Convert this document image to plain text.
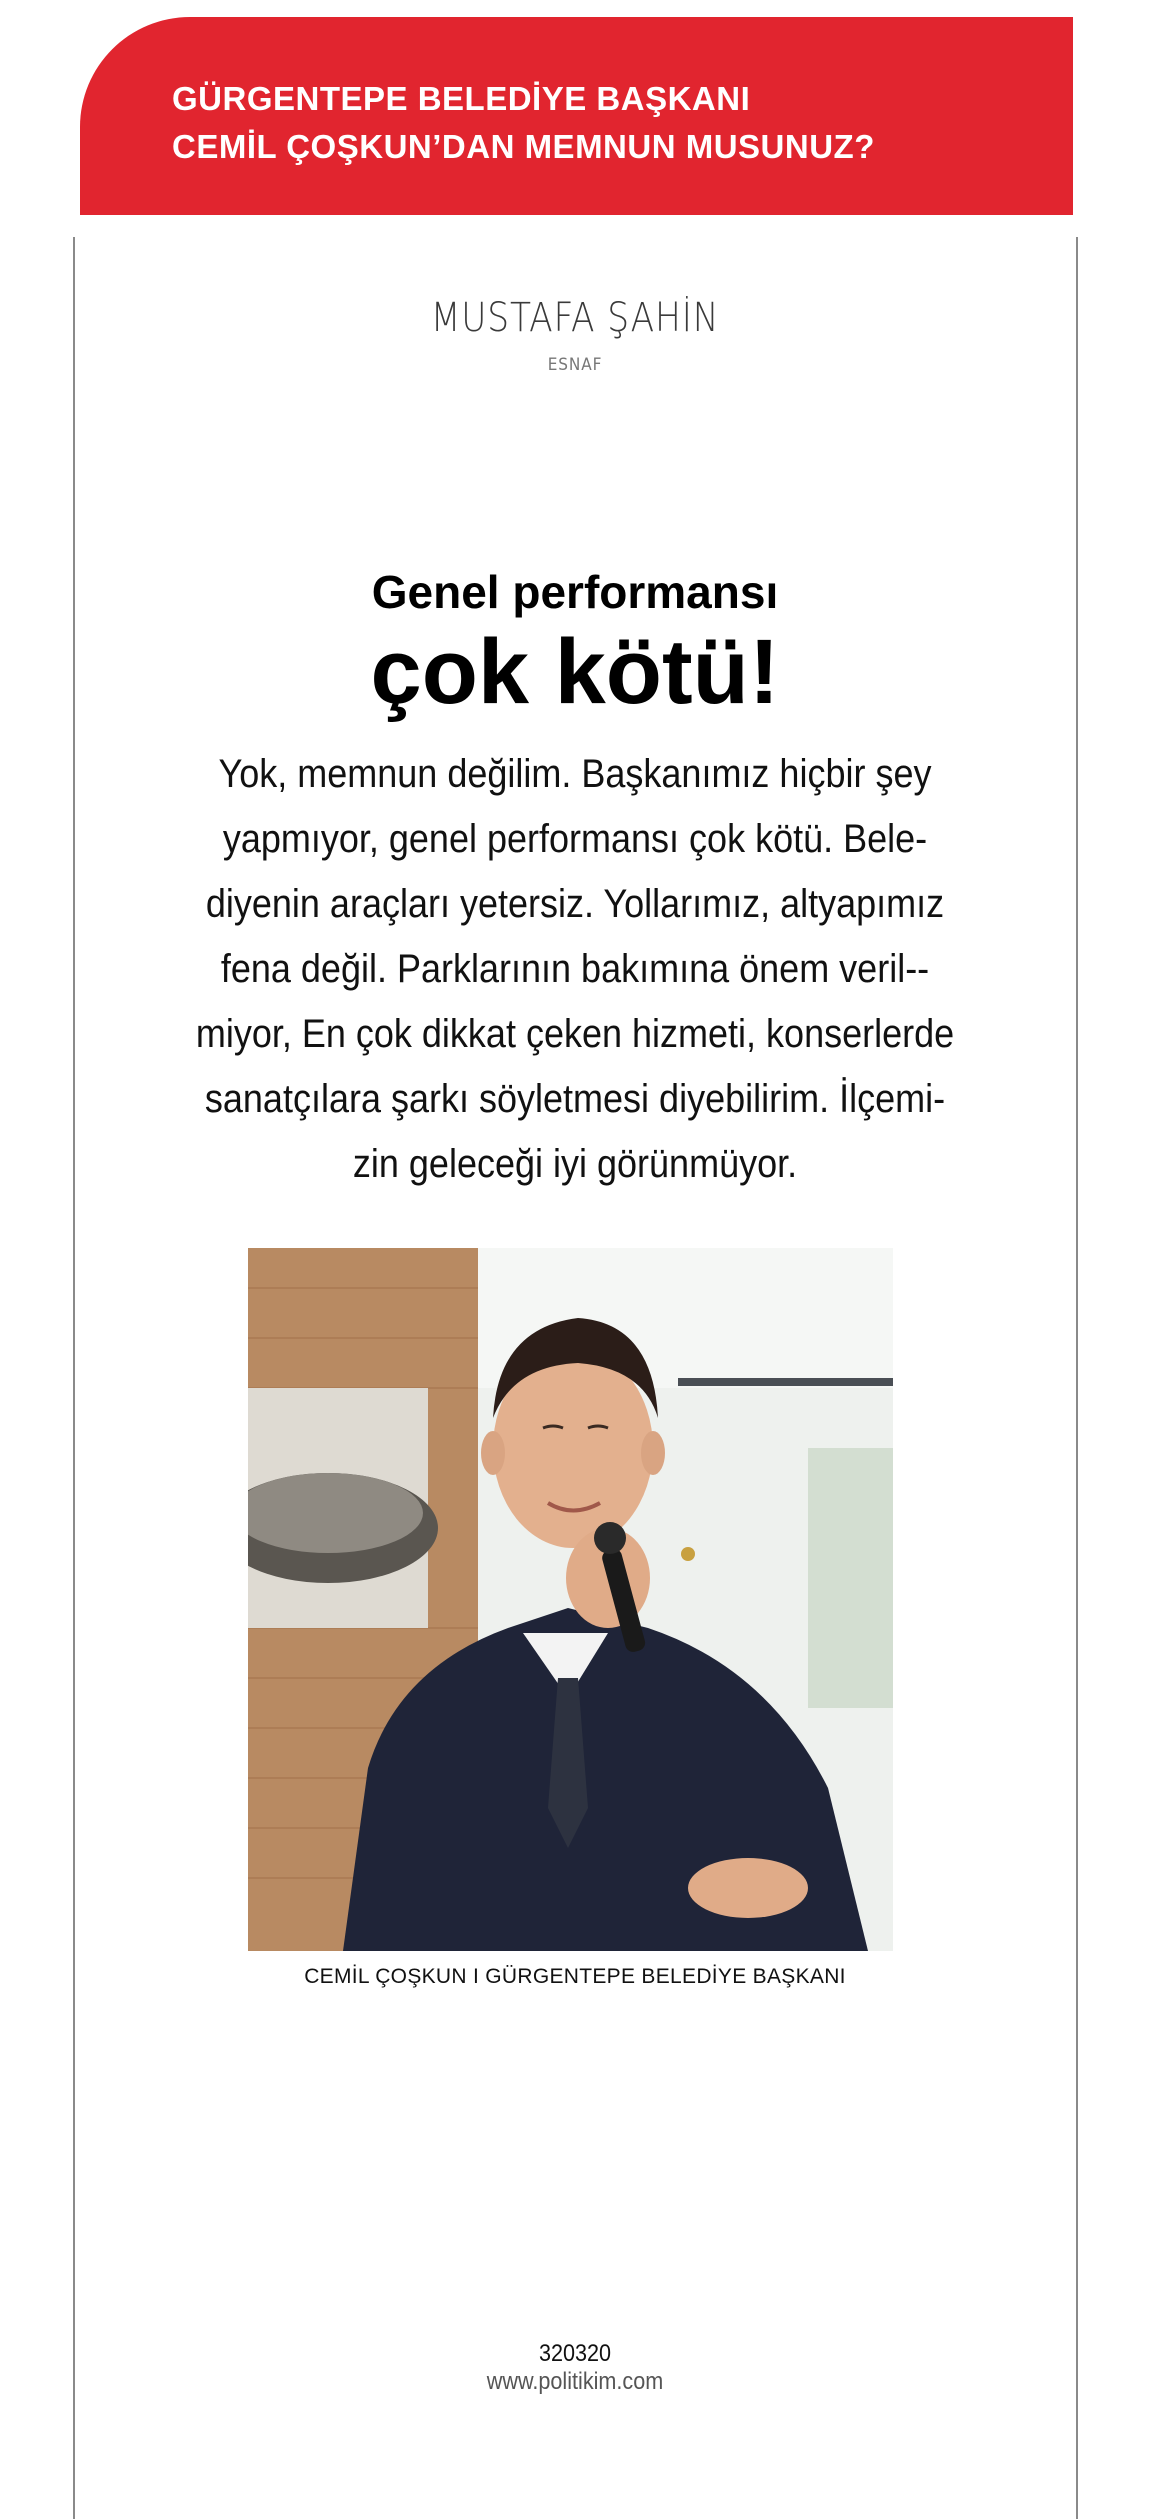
GÜRGENTEPE BELEDİYE BAŞKANI
CEMİL ÇOŞKUN’DAN MEMNUN MUSUNUZ?
MUSTAFA ŞAHİN
ESNAF
Genel performansı
çok kötü!
Yok, memnun değilim. Başkanımız hiçbir şey
yapmıyor, genel performansı çok kötü. Bele-
diyenin araçları yetersiz. Yollarımız, altyapımız
fena değil. Parklarının bakımına önem veril--
miyor, En çok dikkat çeken hizmeti, konserlerde
sanatçılara şarkı söyletmesi diyebilirim. İlçemi-
zin geleceği iyi görünmüyor.
CEMİL ÇOŞKUN I GÜRGENTEPE BELEDİYE BAŞKANI
320320
www.politikim.com
